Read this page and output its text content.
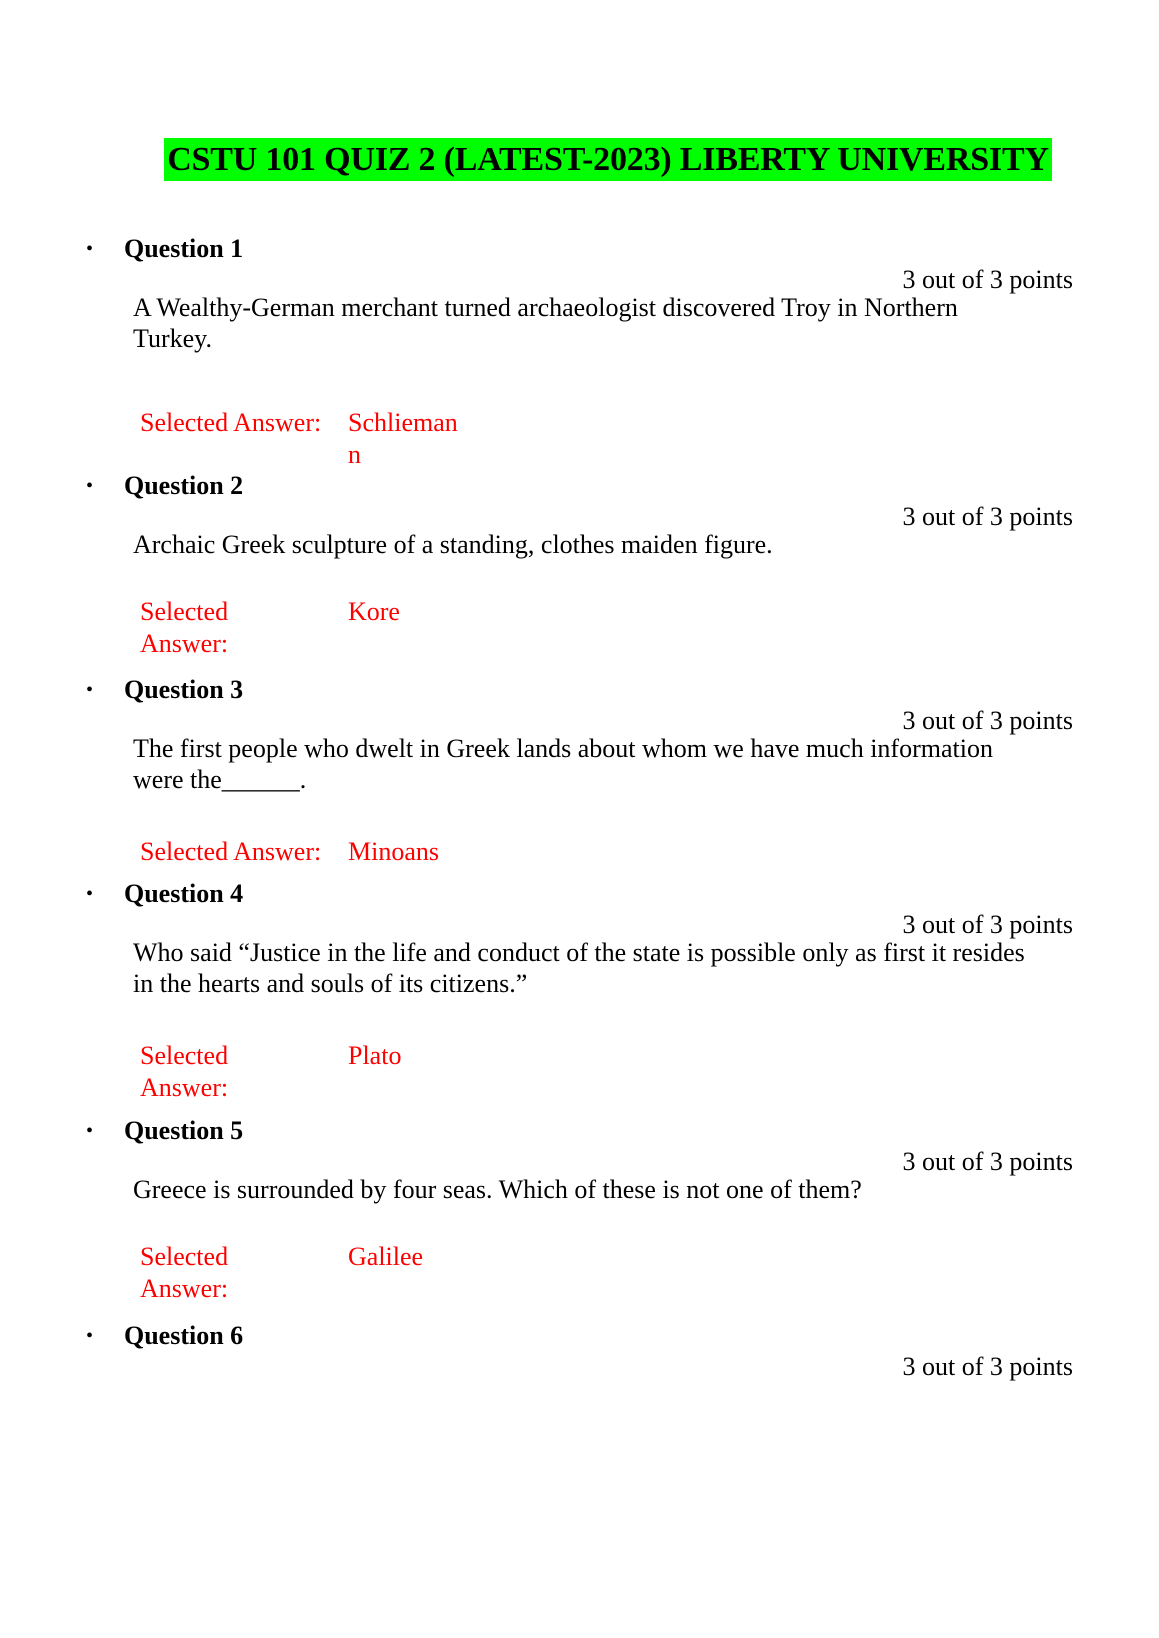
CSTU 101 QUIZ 2 (LATEST-2023) LIBERTY UNIVERSITY
• Question 1
3 out of 3 points
A Wealthy-German merchant turned archaeologist discovered Troy in Northern Turkey.
Selected Answer: Schlieman n
• Question 2
3 out of 3 points
Archaic Greek sculpture of a standing, clothes maiden figure.
Selected Answer:
Kore
• Question 3
3 out of 3 points
The first people who dwelt in Greek lands about whom we have much information were the______.
Selected Answer: Minoans
• Question 4
3 out of 3 points
Who said “Justice in the life and conduct of the state is possible only as first it resides in the hearts and souls of its citizens.”
Selected Answer:
Plato
• Question 5
3 out of 3 points
Greece is surrounded by four seas. Which of these is not one of them?
Selected Answer:
Galilee
• Question 6
3 out of 3 points
